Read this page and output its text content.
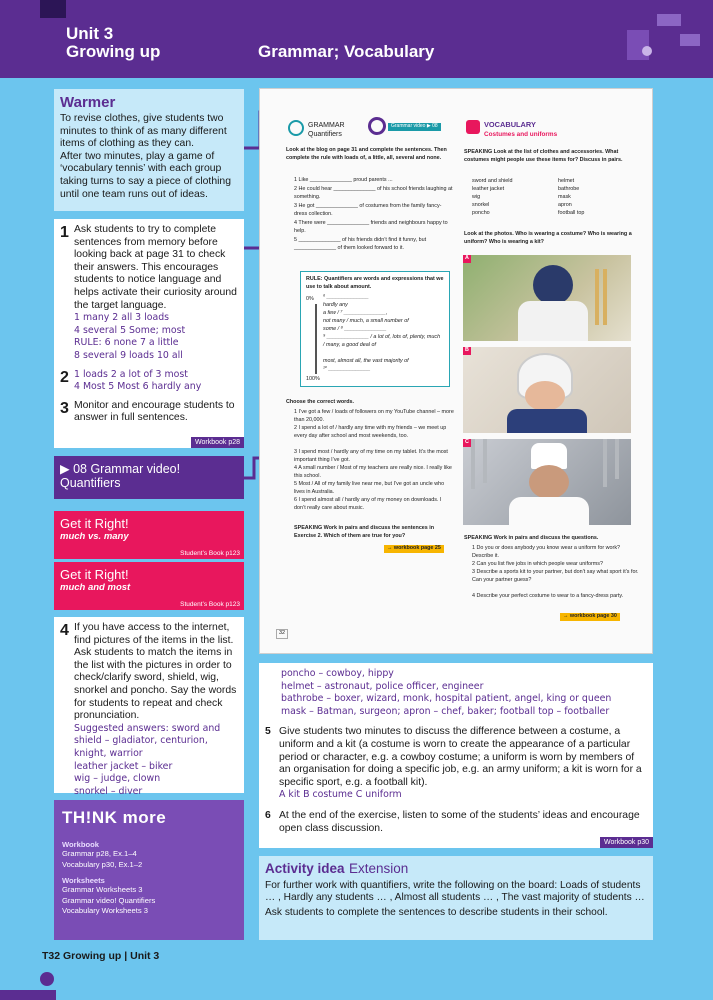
Unit 3
Growing up	Grammar; Vocabulary
Warmer

To revise clothes, give students two minutes to think of as many different items of clothing as they can.

After two minutes, play a game of ‘vocabulary tennis’ with each group taking turns to say a piece of clothing until one team runs out of ideas.

1 Ask students to try to complete sentences from memory before looking back at page 31 to check their answers. This encourages students to notice language and helps activate their curiosity around the target language.

1 many 2 all 3 loads
4 several 5 Some; most
RULE: 6 none 7 a little
8 several 9 loads 10 all
2 1 loads 2 a lot of 3 most
4 Most 5 Most 6 hardly any
3 Monitor and encourage students to answer in full sentences.

Workbook p28
▶ 08 Grammar video!
Quantifiers
Get it Right!
much vs. many
Student’s Book p123
Get it Right!
much and most
Student’s Book p123
4 If you have access to the internet, find pictures of the items in the list. Ask students to match the items in the list with the pictures in order to check/clarify sword, shield, wig, snorkel and poncho. Say the words for students to repeat and check pronunciation.

Suggested answers: sword and shield – gladiator, centurion, knight, warrior
leather jacket – biker
wig – judge, clown
snorkel – diver
TH!NK more
Workbook
Grammar p28, Ex.1–4
Vocabulary p30, Ex.1–2
Worksheets
Grammar Worksheets 3
Grammar video! Quantifiers
Vocabulary Worksheets 3
GRAMMAR
Quantifiers
Grammar video ▶ 08
Look at the blog on page 31 and complete the sentences. Then complete the rule with loads of, a little, all, several and none.
1 Like ______________ proud parents ...
2 He could hear ______________ of his school friends laughing at something.
3 He got ______________ of costumes from the family fancy-dress collection.
4 There were ______________ friends and neighbours happy to help.
5 ______________ of his friends didn’t find it funny, but ______________ of them looked forward to it.
RULE: Quantifiers are words and expressions that we use to talk about amount.
0%
100%
⁶ ______________
hardly any
a few / ⁷ ______________,
not many / much, a small number of
some / ⁸ ______________
⁹ ______________ / a lot of, lots of, plenty, much / many, a good deal of
most, almost all, the vast majority of
¹⁰ ______________
Choose the correct words.
1 I’ve got a few / loads of followers on my YouTube channel – more than 20,000.
2 I spend a lot of / hardly any time with my friends – we meet up every day after school and most weekends, too.
3 I spend most / hardly any of my time on my tablet. It’s the most important thing I’ve got.
4 A small number / Most of my teachers are really nice. I really like this school.
5 Most / All of my family live near me, but I’ve got an uncle who lives in Australia.
6 I spend almost all / hardly any of my money on downloads. I don’t really care about music.
SPEAKING Work in pairs and discuss the sentences in Exercise 2. Which of them are true for you?
→ workbook page 25
VOCABULARY
Costumes and uniforms
SPEAKING Look at the list of clothes and accessories. What costumes might people use these items for? Discuss in pairs.
sword and shield
leather jacket
wig
snorkel
poncho
helmet
bathrobe
mask
apron
football top
Look at the photos. Who is wearing a costume? Who is wearing a uniform? Who is wearing a kit?
A
B
C
SPEAKING Work in pairs and discuss the questions.
1 Do you or does anybody you know wear a uniform for work? Describe it.
2 Can you list five jobs in which people wear uniforms?
3 Describe a sports kit to your partner, but don’t say what sport it’s for. Can your partner guess?
4 Describe your perfect costume to wear to a fancy-dress party.
→ workbook page 30
32
poncho – cowboy, hippy
helmet – astronaut, police officer, engineer
bathrobe – boxer, wizard, monk, hospital patient, angel, king or queen
mask – Batman, surgeon; apron – chef, baker; football top – footballer
5 Give students two minutes to discuss the difference between a costume, a uniform and a kit (a costume is worn to create the appearance of a particular period or character, e.g. a cowboy costume; a uniform is worn by members of an organisation for doing a specific job, e.g. an army uniform; a kit is worn for a specific sport, e.g. a football kit).

A kit B costume C uniform
6 At the end of the exercise, listen to some of the students’ ideas and encourage open class discussion.

Workbook p30
Activity idea Extension

For further work with quantifiers, write the following on the board: Loads of students … , Hardly any students … , Almost all students … , The vast majority of students …

Ask students to complete the sentences to describe students in their school.

T32 Growing up | Unit 3
